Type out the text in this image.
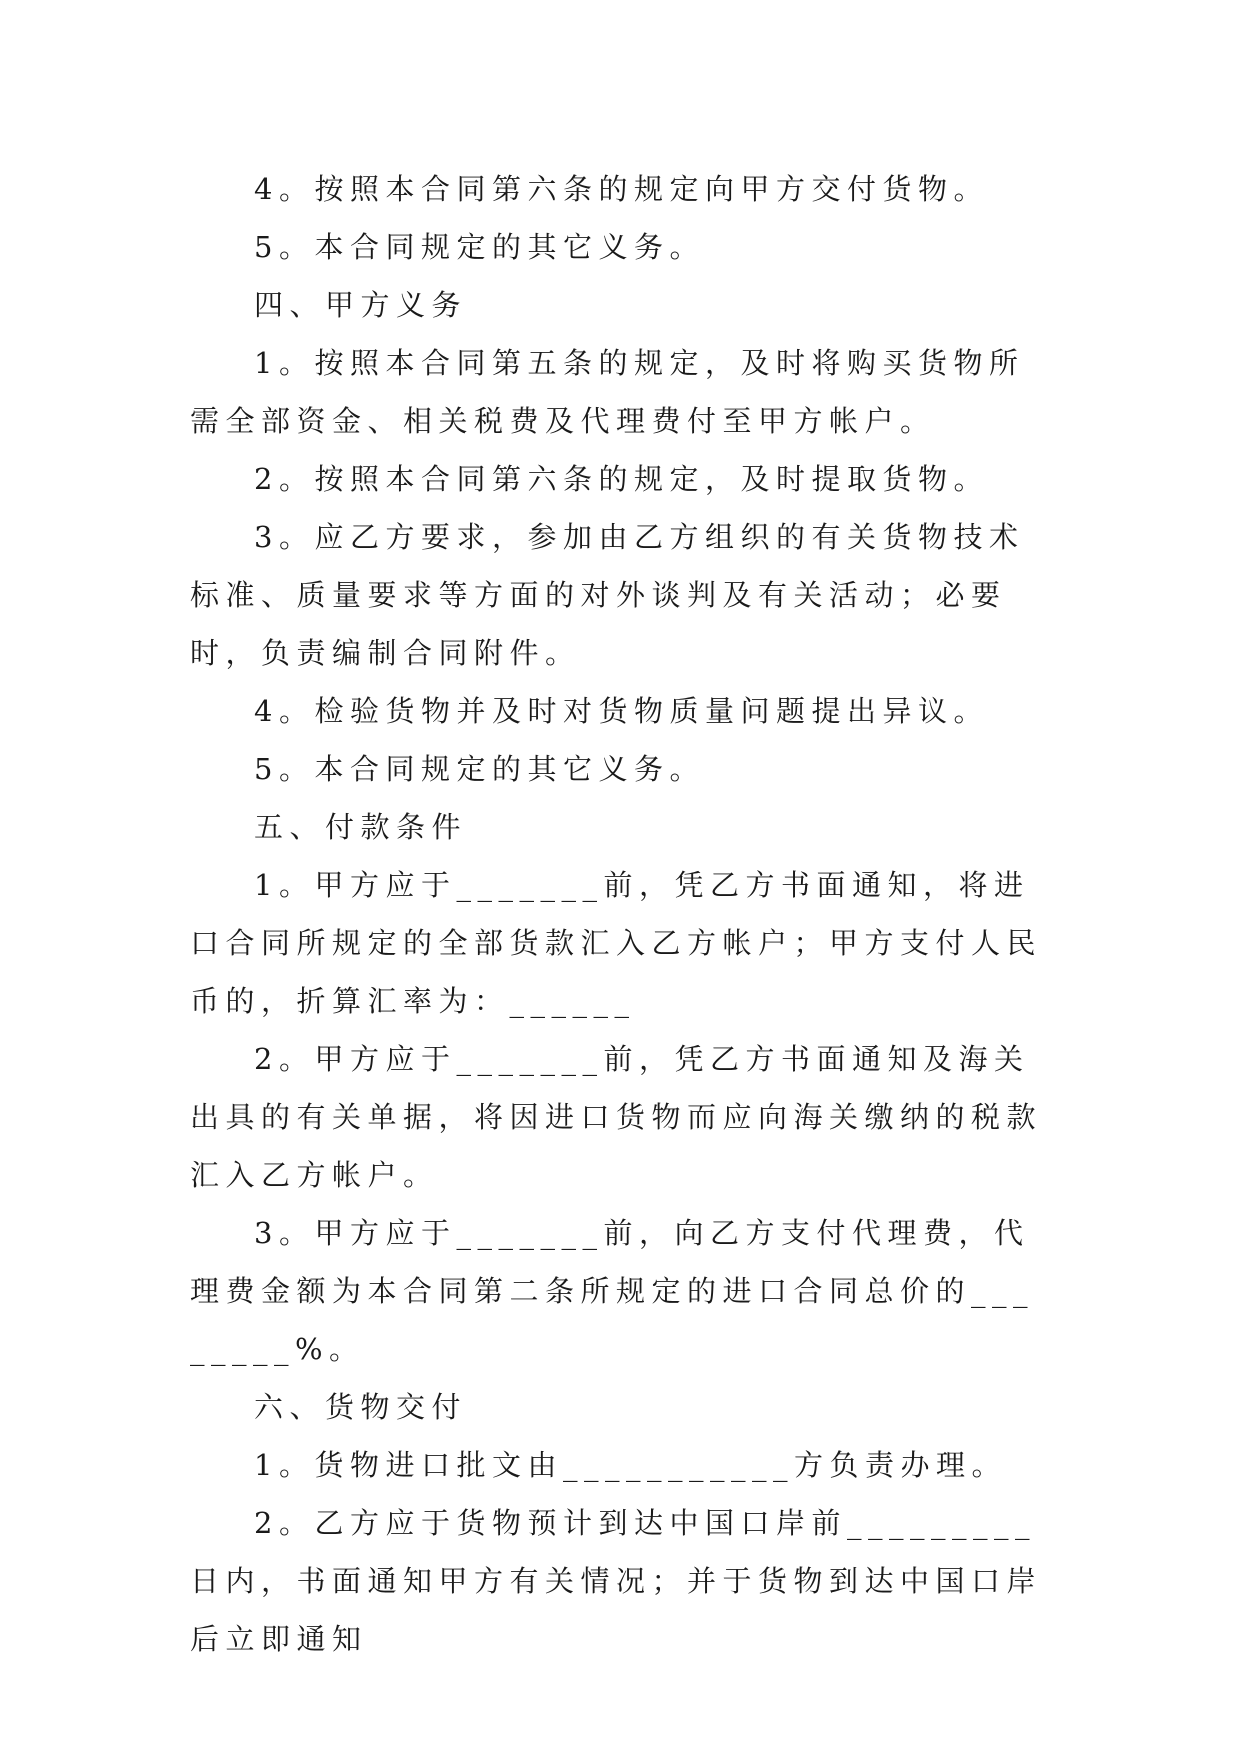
4。按照本合同第六条的规定向甲方交付货物。

5。本合同规定的其它义务。

四、甲方义务

1。按照本合同第五条的规定，及时将购买货物所需全部资金、相关税费及代理费付至甲方帐户。

2。按照本合同第六条的规定，及时提取货物。

3。应乙方要求，参加由乙方组织的有关货物技术标准、质量要求等方面的对外谈判及有关活动；必要时，负责编制合同附件。

4。检验货物并及时对货物质量问题提出异议。

5。本合同规定的其它义务。

五、付款条件

1。甲方应于_______前，凭乙方书面通知，将进口合同所规定的全部货款汇入乙方帐户；甲方支付人民币的，折算汇率为：______

2。甲方应于_______前，凭乙方书面通知及海关出具的有关单据，将因进口货物而应向海关缴纳的税款汇入乙方帐户。

3。甲方应于_______前，向乙方支付代理费，代理费金额为本合同第二条所规定的进口合同总价的________%。

六、货物交付

1。货物进口批文由___________方负责办理。

2。乙方应于货物预计到达中国口岸前_________日内，书面通知甲方有关情况；并于货物到达中国口岸后立即通知
